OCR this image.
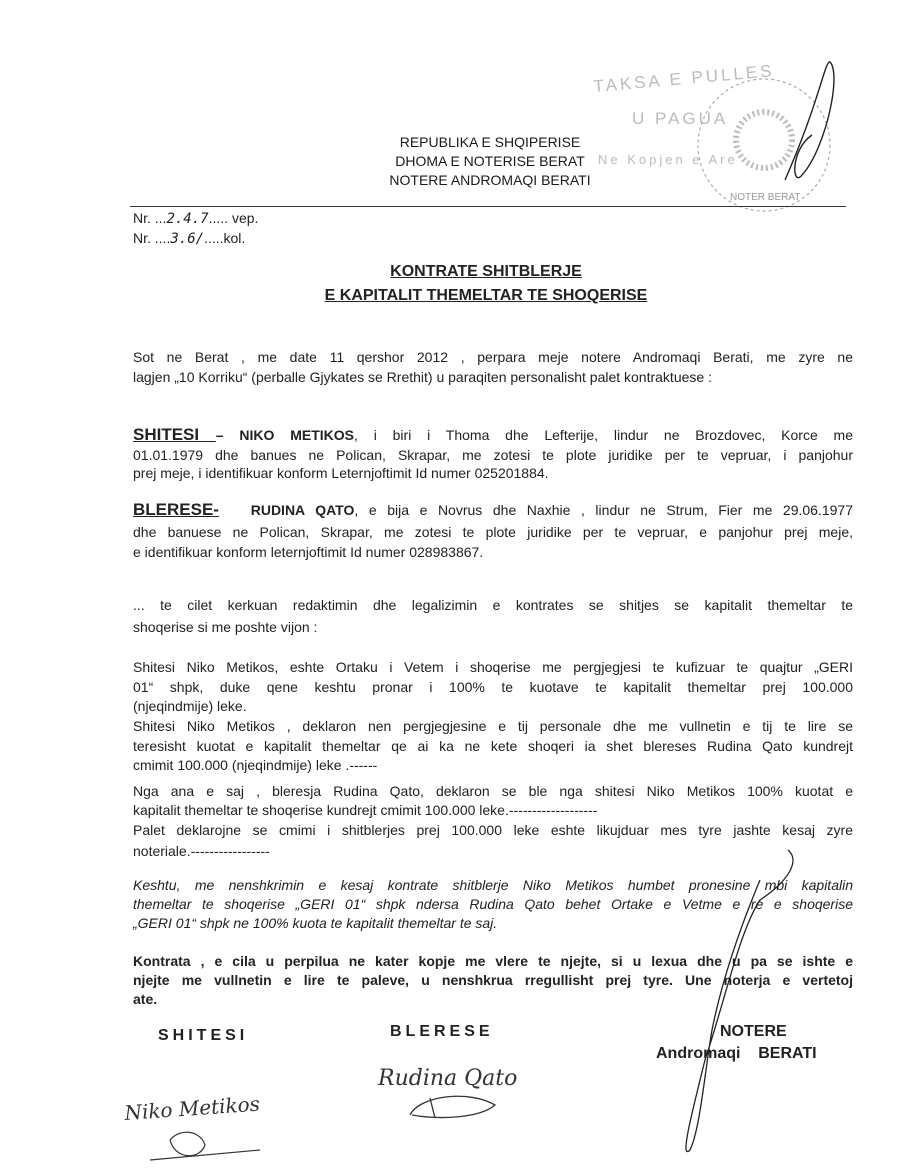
TAKSA E PULLES
U PAGUA
Ne Kopjen e Are
NOTER BERAT
REPUBLIKA E SHQIPERISE
DHOMA E NOTERISE BERAT
NOTERE ANDROMAQI BERATI
Nr. ...2.4.7..... vep.
Nr. ....3.6/.....kol.
KONTRATE SHITBLERJE
E KAPITALIT THEMELTAR TE SHOQERISE
Sot ne Berat , me date 11 qershor 2012 , perpara meje notere Andromaqi Berati, me zyre ne
lagjen „10 Korriku“ (perballe Gjykates se Rrethit) u paraqiten personalisht palet kontraktuese :
... te cilet kerkuan redaktimin dhe legalizimin e kontrates se shitjes se kapitalit themeltar te
shoqerise si me poshte vijon :
Shitesi Niko Metikos, eshte Ortaku i Vetem i shoqerise me pergjegjesi te kufizuar te quajtur „GERI
01“ shpk, duke qene keshtu pronar i 100% te kuotave te kapitalit themeltar prej 100.000
(njeqindmije) leke.
Shitesi Niko Metikos , deklaron nen pergjegjesine e tij personale dhe me vullnetin e tij te lire se
teresisht kuotat e kapitalit themeltar qe ai ka ne kete shoqeri ia shet blereses Rudina Qato kundrejt
cmimit 100.000 (njeqindmije) leke .------
Nga ana e saj , bleresja Rudina Qato, deklaron se ble nga shitesi Niko Metikos 100% kuotat e
kapitalit themeltar te shoqerise kundrejt cmimit 100.000 leke.-------------------
Palet deklarojne se cmimi i shitblerjes prej 100.000 leke eshte likujduar mes tyre jashte kesaj zyre
noteriale.-----------------
Keshtu, me nenshkrimin e kesaj kontrate shitblerje Niko Metikos humbet pronesine mbi kapitalin
themeltar te shoqerise „GERI 01“ shpk ndersa Rudina Qato behet Ortake e Vetme e re e shoqerise
„GERI 01“ shpk ne 100% kuota te kapitalit themeltar te saj.
Kontrata , e cila u perpilua ne kater kopje me vlere te njejte, si u lexua dhe u pa se ishte e
njejte me vullnetin e lire te paleve, u nenshkrua rregullisht prej tyre. Une noterja e vertetoj
ate.
SHITESI – NIKO METIKOS, i biri i Thoma dhe Lefterije, lindur ne Brozdovec, Korce me
01.01.1979 dhe banues ne Polican, Skrapar, me zotesi te plote juridike per te vepruar, i panjohur
prej meje, i identifikuar konform Leternjoftimit Id numer 025201884.
BLERESE- RUDINA QATO, e bija e Novrus dhe Naxhie , lindur ne Strum, Fier me 29.06.1977
dhe banuese ne Polican, Skrapar, me zotesi te plote juridike per te vepruar, e panjohur prej meje,
e identifikuar konform leternjoftimit Id numer 028983867.
SHITESI	BLERESE	NOTERE
Andromaqi    BERATI
Rudina Qato
Niko Metikos
